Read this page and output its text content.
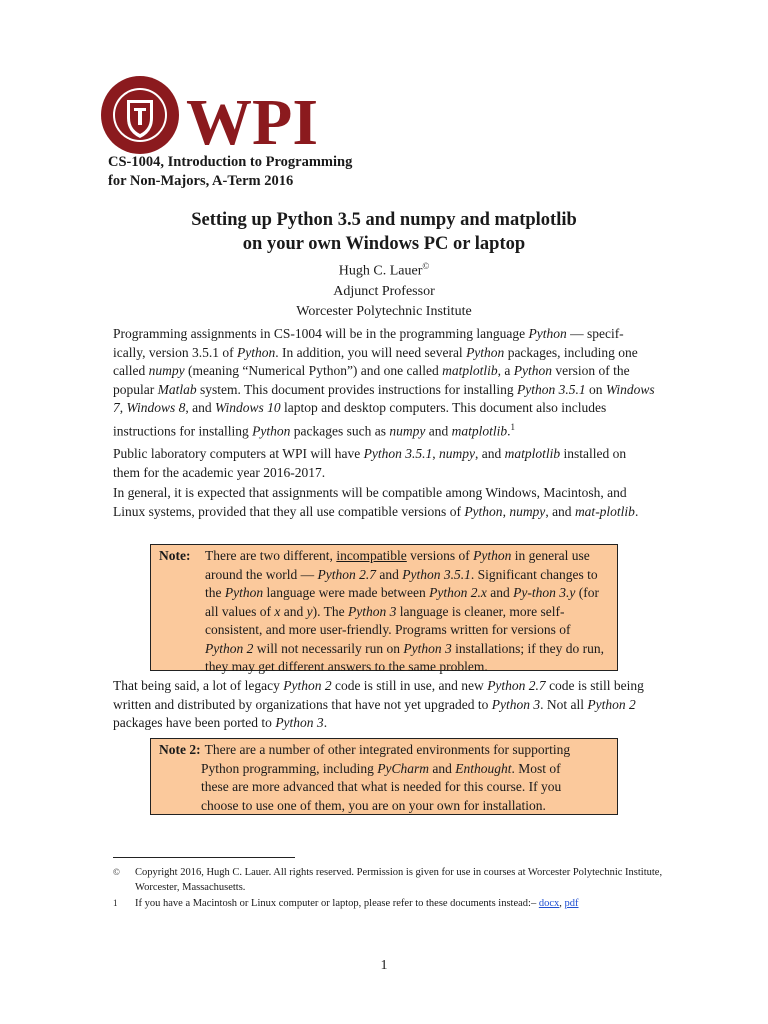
WPI
CS-1004, Introduction to Programming
for Non-Majors, A-Term 2016
Setting up Python 3.5 and numpy and matplotlib
on your own Windows PC or laptop
Hugh C. Lauer©
Adjunct Professor
Worcester Polytechnic Institute

Programming assignments in CS-1004 will be in the programming language Python — specif-ically, version 3.5.1 of Python. In addition, you will need several Python packages, including one called numpy (meaning “Numerical Python”) and one called matplotlib, a Python version of the popular Matlab system. This document provides instructions for installing Python 3.5.1 on Windows 7, Windows 8, and Windows 10 laptop and desktop computers. This document also includes instructions for installing Python packages such as numpy and matplotlib.$^1$

Public laboratory computers at WPI will have Python 3.5.1, numpy, and matplotlib installed on them for the academic year 2016-2017.

In general, it is expected that assignments will be compatible among Windows, Macintosh, and Linux systems, provided that they all use compatible versions of Python, numpy, and mat-plotlib.

Note:	There are two different, incompatible versions of Python in general use around the world — Python 2.7 and Python 3.5.1. Significant changes to the Python language were made between Python 2.x and Py-thon 3.y (for all values of x and y). The Python 3 language is cleaner, more self-consistent, and more user-friendly. Programs written for versions of Python 2 will not necessarily run on Python 3 installations; if they do run, they may get different answers to the same problem.

That being said, a lot of legacy Python 2 code is still in use, and new Python 2.7 code is still being written and distributed by organizations that have not yet upgraded to Python 3. Not all Python 2 packages have been ported to Python 3.

Note 2: There are a number of other integrated environments for supporting
Python programming, including PyCharm and Enthought. Most of
these are more advanced that what is needed for this course. If you
choose to use one of them, you are on your own for installation.
© Copyright 2016, Hugh C. Lauer. All rights reserved. Permission is given for use in courses at Worcester Polytechnic Institute, Worcester, Massachusetts.
1 If you have a Macintosh or Linux computer or laptop, please refer to these documents instead:– docx, pdf
1
